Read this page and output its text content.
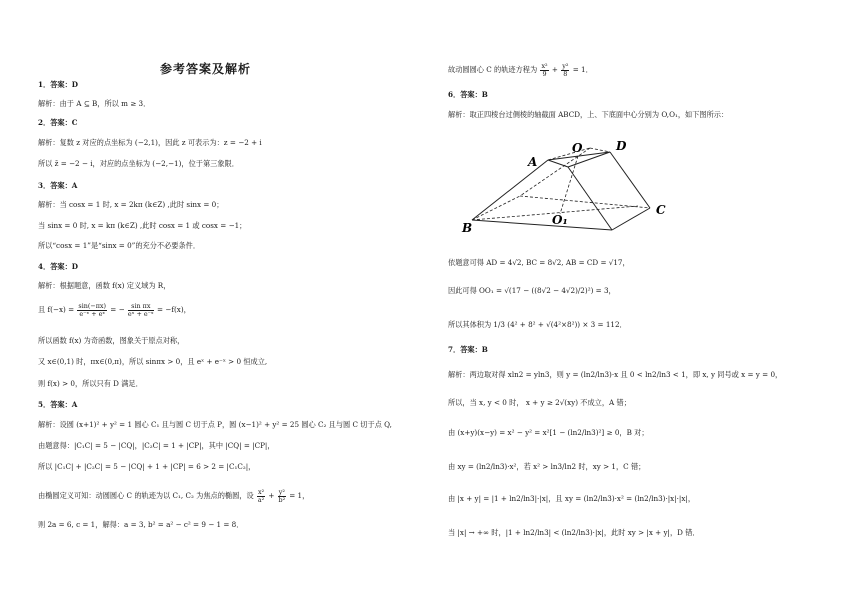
参考答案及解析
1．答案：D
解析：由于 A ⊆ B，所以 m ≥ 3．
2．答案：C
解析：复数 z 对应的点坐标为 (−2,1)，因此 z 可表示为：z = −2 + i
所以 z̄ = −2 − i，对应的点坐标为 (−2,−1)，位于第三象限．
3．答案：A
解析：当 cosx = 1 时, x = 2kπ (k∈Z) ,此时 sinx = 0；
当 sinx = 0 时, x = kπ (k∈Z) ,此时 cosx = 1 或 cosx = −1；
所以“cosx = 1”是“sinx = 0”的充分不必要条件．
4．答案：D
解析：根据题意，函数 f(x) 定义域为 R，
且 $f(-x) = \frac{\sin(-\pi x)}{\text{e⁻ˣ + eˣ}}$ = − $\frac{\text{sin πx}}{\text{eˣ + e⁻ˣ}} = -f(x)$，
所以函数 f(x) 为奇函数，图象关于原点对称，
又 x∈(0,1) 时，πx∈(0,π)，所以 sinπx > 0，且 eˣ + e⁻ˣ > 0 恒成立,
则 f(x) > 0，所以只有 D 满足．
5．答案：A
解析：设圆 (x+1)² + y² = 1 圆心 C₁ 且与圆 C 切于点 P，圆 (x−1)² + y² = 25 圆心 C₂ 且与圆 C 切于点 Q,
由题意得：|C₁C| = 5 − |CQ|，|C₂C| = 1 + |CP|，其中 |CQ| = |CP|，
所以 |C₁C| + |C₂C| = 5 − |CQ| + 1 + |CP| = 6 > 2 = |C₁C₂|，
由椭圆定义可知：动圆圆心 C 的轨迹为以 C₁, C₂ 为焦点的椭圆，设 $\frac{\text{x²}}{\text{a²}} + \frac{\text{y²}}{\text{b²}} = 1$，
则 2a = 6, c = 1，解得：a = 3, b² = a² − c² = 9 − 1 = 8．
故动圆圆心 C 的轨迹方程为 $\frac{\text{x²}}{9} + \frac{\text{y²}}{8} = 1$．
6．答案：B
解析：取正四棱台过侧棱的轴截面 ABCD，上、下底面中心分别为 O,O₁，如下图所示：
A
O	D
B
O₁
C
依题意可得 AD = 4√2, BC = 8√2, AB = CD = √17，
因此可得 OO₁ = √(17 − ((8√2 − 4√2)/2)²) = 3，
所以其体积为 1/3 (4² + 8² + √(4²×8²)) × 3 = 112．
7．答案：B
解析：两边取对得 xln2 = yln3，则 y = (ln2/ln3)·x 且 0 < ln2/ln3 < 1，即 x, y 同号或 x = y = 0，
所以，当 x, y < 0 时， x + y ≥ 2√(xy) 不成立，A 错；
由 (x+y)(x−y) = x² − y² = x²[1 − (ln2/ln3)²] ≥ 0，B 对；
由 xy = (ln2/ln3)·x²，若 x² > ln3/ln2 时，xy > 1，C 错；
由 |x + y| = |1 + ln2/ln3|·|x|，且 xy = (ln2/ln3)·x² = (ln2/ln3)·|x|·|x|，
当 |x| → +∞ 时，|1 + ln2/ln3| < (ln2/ln3)·|x|，此时 xy > |x + y|，D 错．
